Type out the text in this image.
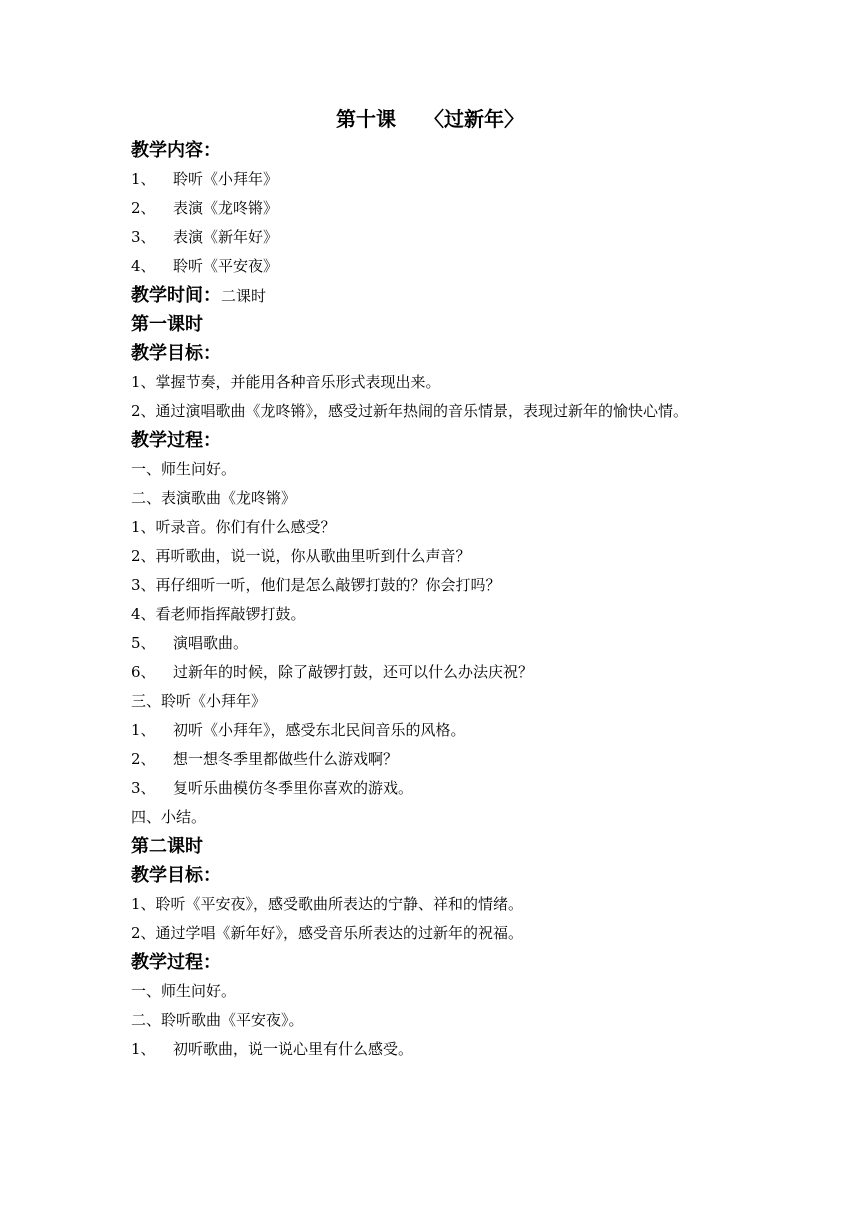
第十课 〈过新年〉
教学内容：
1、 聆听《小拜年》
2、 表演《龙咚锵》
3、 表演《新年好》
4、 聆听《平安夜》
教学时间：二课时
第一课时
教学目标：
1、掌握节奏，并能用各种音乐形式表现出来。
2、通过演唱歌曲《龙咚锵》，感受过新年热闹的音乐情景，表现过新年的愉快心情。
教学过程：
一、师生问好。
二、表演歌曲《龙咚锵》
1、听录音。你们有什么感受？
2、再听歌曲，说一说，你从歌曲里听到什么声音？
3、再仔细听一听，他们是怎么敲锣打鼓的？你会打吗？
4、看老师指挥敲锣打鼓。
5、 演唱歌曲。
6、 过新年的时候，除了敲锣打鼓，还可以什么办法庆祝？
三、聆听《小拜年》
1、 初听《小拜年》，感受东北民间音乐的风格。
2、 想一想冬季里都做些什么游戏啊？
3、 复听乐曲模仿冬季里你喜欢的游戏。
四、小结。
第二课时
教学目标：
1、聆听《平安夜》，感受歌曲所表达的宁静、祥和的情绪。
2、通过学唱《新年好》，感受音乐所表达的过新年的祝福。
教学过程：
一、师生问好。
二、聆听歌曲《平安夜》。
1、 初听歌曲，说一说心里有什么感受。
